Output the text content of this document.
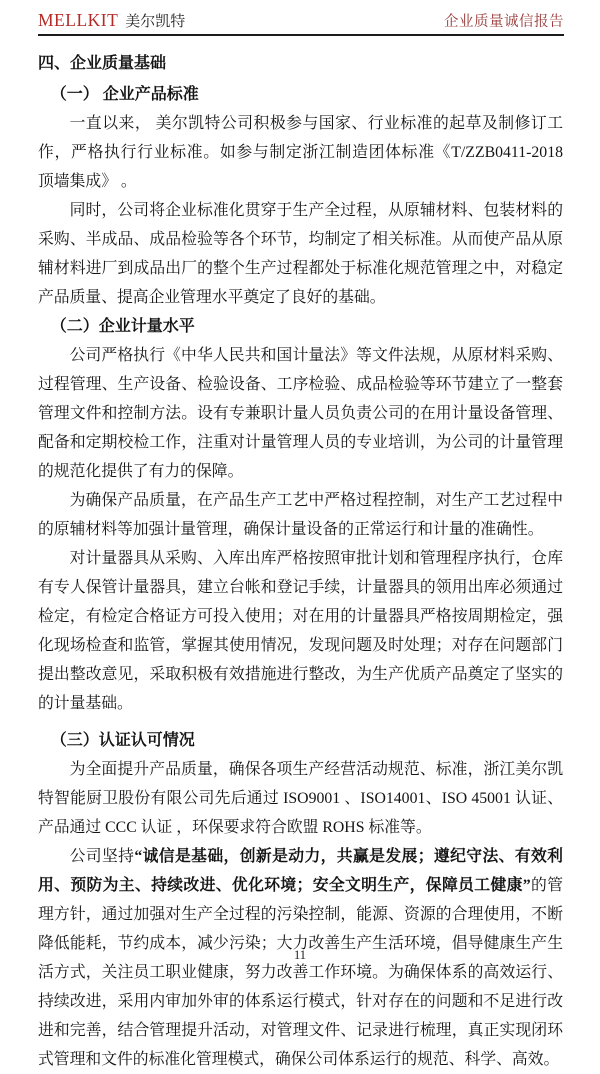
MELLKIT 美尔凯特	企业质量诚信报告
四、企业质量基础
（一） 企业产品标准

一直以来， 美尔凯特公司积极参与国家、行业标准的起草及制修订工作，严格执行行业标准。如参与制定浙江制造团体标准《T/ZZB0411-2018　顶墙集成》 。

同时，公司将企业标准化贯穿于生产全过程，从原辅材料、包装材料的采购、半成品、成品检验等各个环节，均制定了相关标准。从而使产品从原辅材料进厂到成品出厂的整个生产过程都处于标准化规范管理之中，对稳定产品质量、提高企业管理水平奠定了良好的基础。

（二）企业计量水平

公司严格执行《中华人民共和国计量法》等文件法规，从原材料采购、过程管理、生产设备、检验设备、工序检验、成品检验等环节建立了一整套管理文件和控制方法。设有专兼职计量人员负责公司的在用计量设备管理、配备和定期校检工作，注重对计量管理人员的专业培训，为公司的计量管理的规范化提供了有力的保障。

为确保产品质量，在产品生产工艺中严格过程控制，对生产工艺过程中的原辅材料等加强计量管理，确保计量设备的正常运行和计量的准确性。

对计量器具从采购、入库出库严格按照审批计划和管理程序执行，仓库有专人保管计量器具，建立台帐和登记手续，计量器具的领用出库必须通过检定，有检定合格证方可投入使用；对在用的计量器具严格按周期检定，强化现场检查和监管，掌握其使用情况，发现问题及时处理；对存在问题部门提出整改意见，采取积极有效措施进行整改，为生产优质产品奠定了坚实的的计量基础。

（三）认证认可情况

为全面提升产品质量，确保各项生产经营活动规范、标准，浙江美尔凯特智能厨卫股份有限公司先后通过 ISO9001 、ISO14001、ISO 45001 认证、产品通过 CCC 认证 ，环保要求符合欧盟 ROHS 标准等。

公司坚持“诚信是基础，创新是动力，共赢是发展；遵纪守法、有效利用、预防为主、持续改进、优化环境；安全文明生产，保障员工健康”的管理方针，通过加强对生产全过程的污染控制，能源、资源的合理使用，不断降低能耗，节约成本，减少污染；大力改善生产生活环境，倡导健康生产生活方式，关注员工职业健康，努力改善工作环境。为确保体系的高效运行、持续改进，采用内审加外审的体系运行模式，针对存在的问题和不足进行改进和完善，结合管理提升活动，对管理文件、记录进行梳理，真正实现闭环式管理和文件的标准化管理模式，确保公司体系运行的规范、科学、高效。

11
